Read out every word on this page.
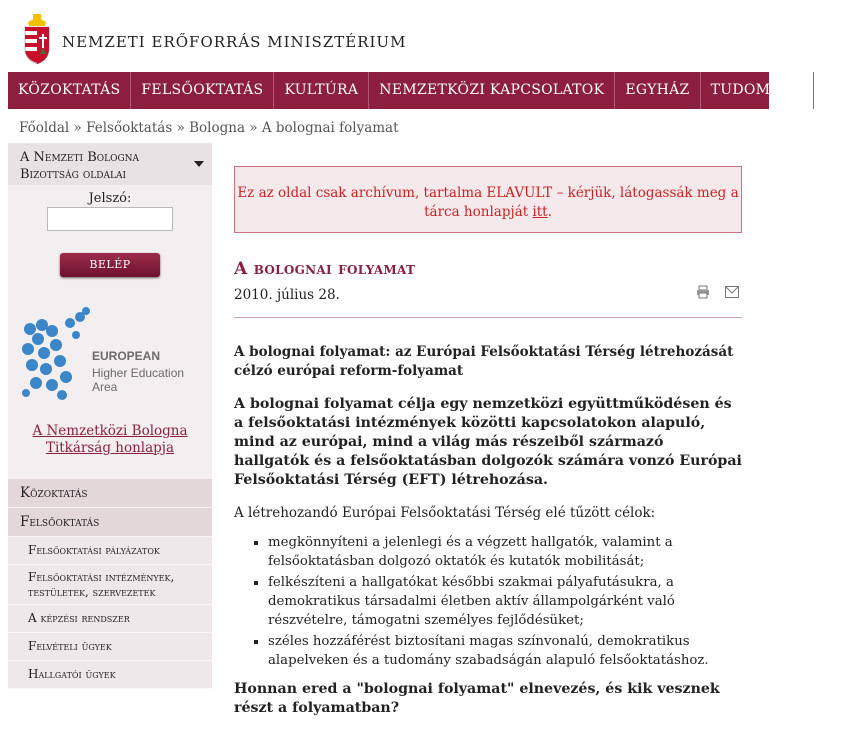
NEMZETI ERŐFORRÁS MINISZTÉRIUM
KÖZOKTATÁS	FELSŐOKTATÁS	KULTÚRA	NEMZETKÖZI KAPCSOLATOK	EGYHÁZ	TUDOMÁNY	E
Főoldal » Felsőoktatás » Bologna » A bolognai folyamat
A Nemzeti Bologna Bizottság oldalai
Jelszó:
BELÉP
EUROPEAN
Higher Education Area
A Nemzetközi Bologna Titkárság honlapja
Közoktatás
Felsőoktatás
Felsőoktatási pályázatok
Felsőoktatási intézmények, testületek, szervezetek
A képzési rendszer
Felvételi ügyek
Hallgatói ügyek
Ez az oldal csak archívum, tartalma ELAVULT – kérjük, látogassák meg a tárca honlapját itt.
A bolognai folyamat
2010. július 28.

A bolognai folyamat: az Európai Felsőoktatási Térség létrehozását célzó európai reform-folyamat

A bolognai folyamat célja egy nemzetközi együttműködésen és a felsőoktatási intézmények közötti kapcsolatokon alapuló, mind az európai, mind a világ más részeiből származó hallgatók és a felsőoktatásban dolgozók számára vonzó Európai Felsőoktatási Térség (EFT) létrehozása.

A létrehozandó Európai Felsőoktatási Térség elé tűzött célok:

▪ megkönnyíteni a jelenlegi és a végzett hallgatók, valamint a felsőoktatásban dolgozó oktatók és kutatók mobilitását;
▪ felkészíteni a hallgatókat későbbi szakmai pályafutásukra, a demokratikus társadalmi életben aktív állampolgárként való részvételre, támogatni személyes fejlődésüket;
▪ széles hozzáférést biztosítani magas színvonalú, demokratikus alapelveken és a tudomány szabadságán alapuló felsőoktatáshoz.

Honnan ered a "bolognai folyamat" elnevezés, és kik vesznek részt a folyamatban?
